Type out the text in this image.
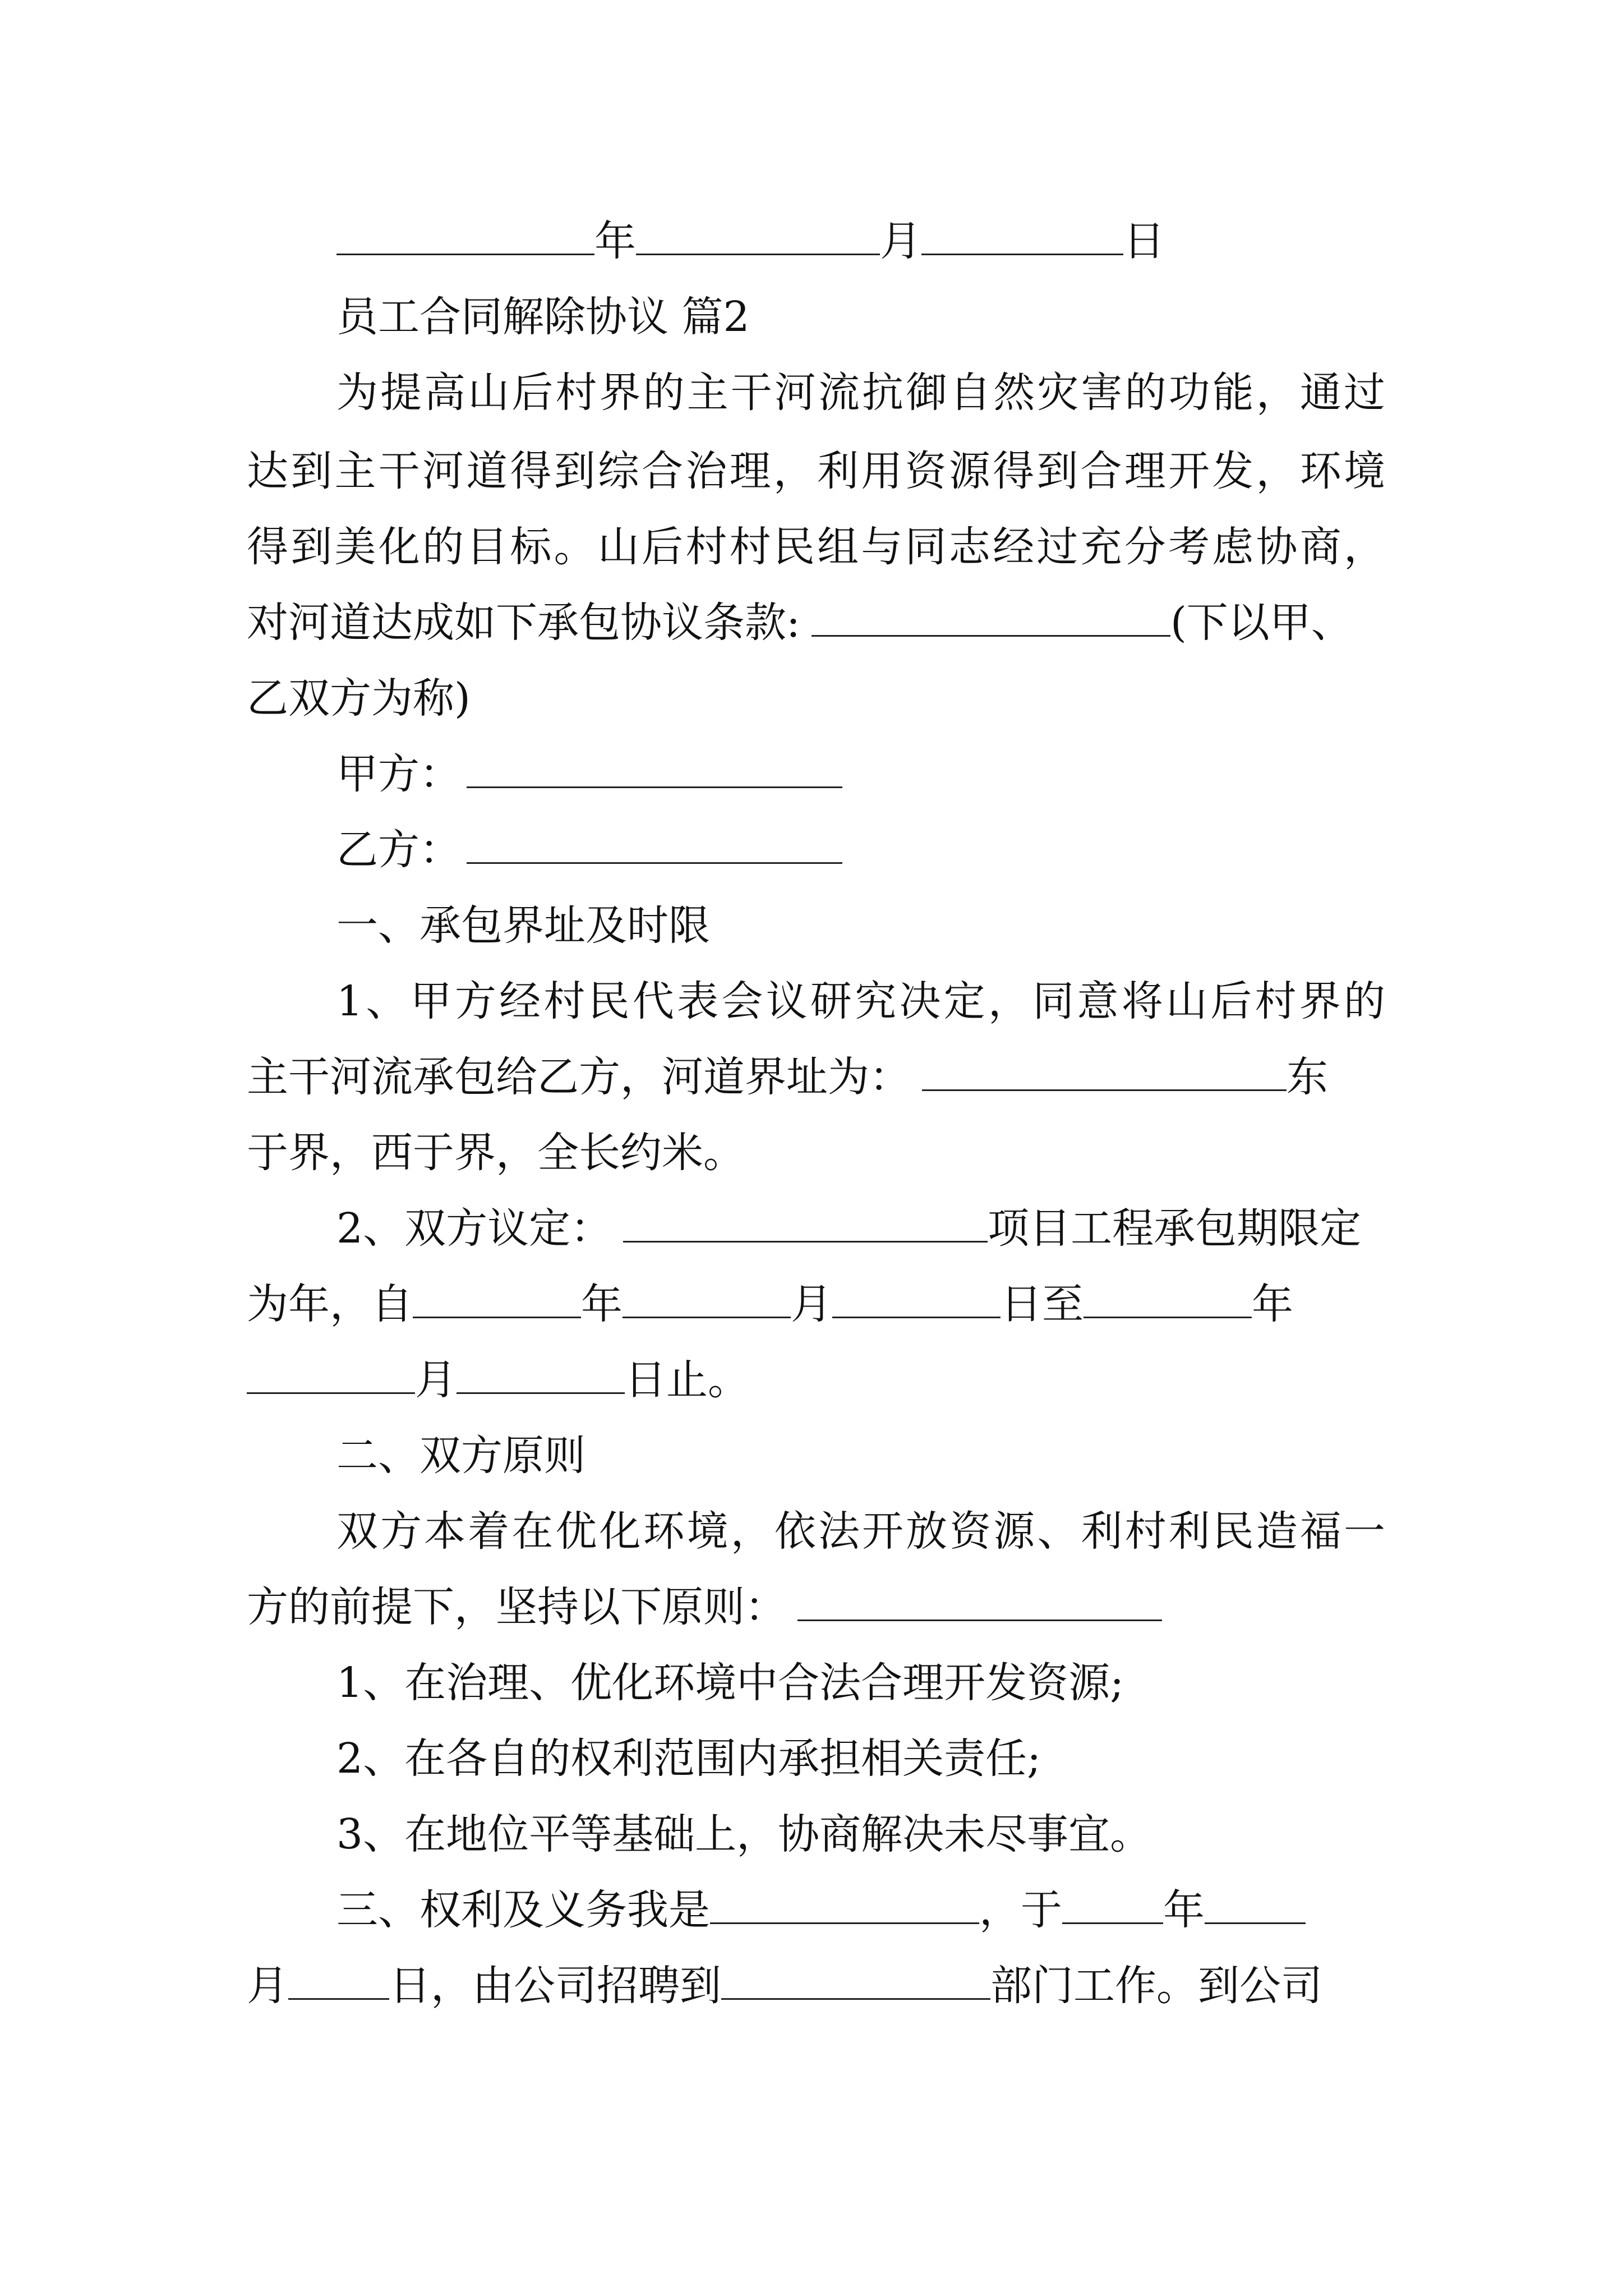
年	月	日
员工合同解除协议 篇2
为提高山后村界的主干河流抗御自然灾害的功能，通过
达到主干河道得到综合治理，利用资源得到合理开发，环境
得到美化的目标。山后村村民组与同志经过充分考虑协商，
对河道达成如下承包协议条款:	(下以甲、
乙双方为称)
甲方：
乙方：
一、承包界址及时限
1、甲方经村民代表会议研究决定，同意将山后村界的
主干河流承包给乙方，河道界址为：	东
于界，西于界，全长约米。
2、双方议定：	项目工程承包期限定
为年，自	年	月	日至	年
月	日止。
二、双方原则
双方本着在优化环境，依法开放资源、利村利民造福一
方的前提下，坚持以下原则：
1、在治理、优化环境中合法合理开发资源;
2、在各自的权利范围内承担相关责任;
3、在地位平等基础上，协商解决未尽事宜。
三、权利及义务我是	，于 年
月 日，由公司招聘到	部门工作。到公司
